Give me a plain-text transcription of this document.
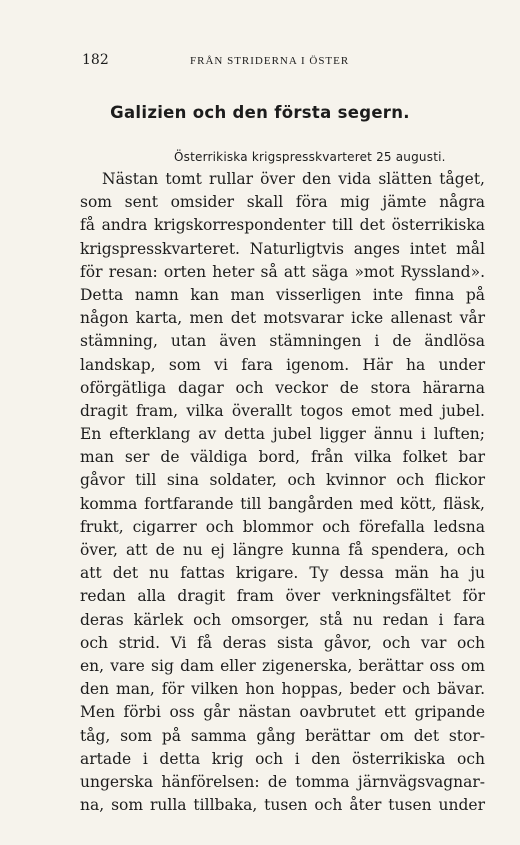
182	FRÅN STRIDERNA I ÖSTER
Galizien och den första segern.
Österrikiska krigspresskvarteret 25 augusti.
Nästan tomt rullar över den vida slätten tåget,
som sent omsider skall föra mig jämte några
få andra krigskorrespondenter till det österrikiska
krigspresskvarteret. Naturligtvis anges intet mål
för resan: orten heter så att säga »mot Ryssland».
Detta namn kan man visserligen inte finna på
någon karta, men det motsvarar icke allenast vår
stämning, utan även stämningen i de ändlösa
landskap, som vi fara igenom. Här ha under
oförgätliga dagar och veckor de stora härarna
dragit fram, vilka överallt togos emot med jubel.
En efterklang av detta jubel ligger ännu i luften;
man ser de väldiga bord, från vilka folket bar
gåvor till sina soldater, och kvinnor och flickor
komma fortfarande till bangården med kött, fläsk,
frukt, cigarrer och blommor och förefalla ledsna
över, att de nu ej längre kunna få spendera, och
att det nu fattas krigare. Ty dessa män ha ju
redan alla dragit fram över verkningsfältet för
deras kärlek och omsorger, stå nu redan i fara
och strid. Vi få deras sista gåvor, och var och
en, vare sig dam eller zigenerska, berättar oss om
den man, för vilken hon hoppas, beder och bävar.
Men förbi oss går nästan oavbrutet ett gripande
tåg, som på samma gång berättar om det stor-
artade i detta krig och i den österrikiska och
ungerska hänförelsen: de tomma järnvägsvagnar-
na, som rulla tillbaka, tusen och åter tusen under
